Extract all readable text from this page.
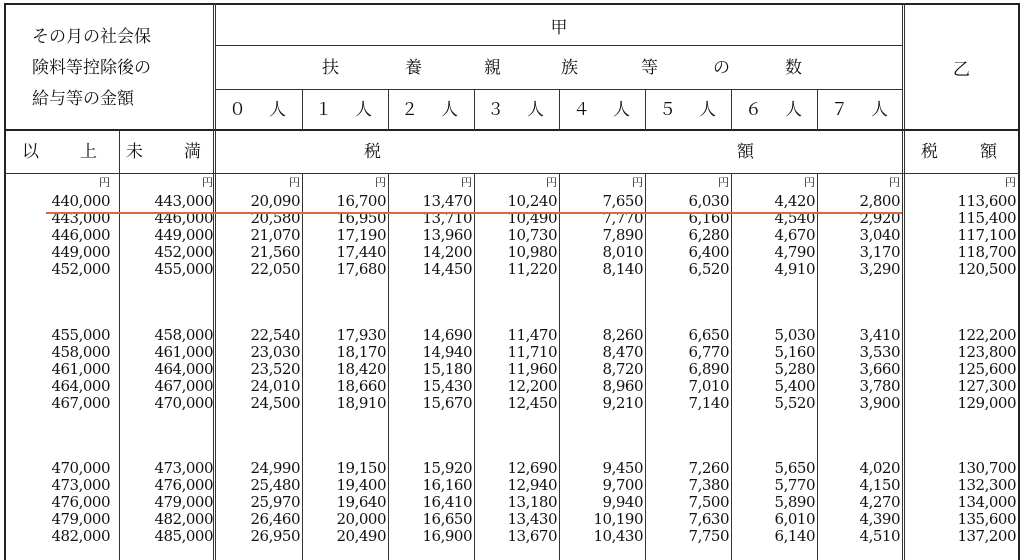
その月の社会保
険料等控除後の
給与等の金額
甲
乙
扶	養	親	族	等	の	数
０ 人 １ 人 ２ 人 ３ 人 ４ 人 ５ 人 ６ 人 ７ 人
以 上 未 満	税	額	税 額
円	円	円	円	円	円	円	円	円	円	円
440,000	443,000	20,090	16,700	13,470	10,240	7,650	6,030	4,420	2,800	113,600
443,000	446,000	20,580	16,950	13,710	10,490	7,770	6,160	4,540	2,920	115,400
446,000	449,000	21,070	17,190	13,960	10,730	7,890	6,280	4,670	3,040	117,100
449,000	452,000	21,560	17,440	14,200	10,980	8,010	6,400	4,790	3,170	118,700
452,000	455,000	22,050	17,680	14,450	11,220	8,140	6,520	4,910	3,290	120,500
455,000	458,000	22,540	17,930	14,690	11,470	8,260	6,650	5,030	3,410	122,200
458,000	461,000	23,030	18,170	14,940	11,710	8,470	6,770	5,160	3,530	123,800
461,000	464,000	23,520	18,420	15,180	11,960	8,720	6,890	5,280	3,660	125,600
464,000	467,000	24,010	18,660	15,430	12,200	8,960	7,010	5,400	3,780	127,300
467,000	470,000	24,500	18,910	15,670	12,450	9,210	7,140	5,520	3,900	129,000
470,000	473,000	24,990	19,150	15,920	12,690	9,450	7,260	5,650	4,020	130,700
473,000	476,000	25,480	19,400	16,160	12,940	9,700	7,380	5,770	4,150	132,300
476,000	479,000	25,970	19,640	16,410	13,180	9,940	7,500	5,890	4,270	134,000
479,000	482,000	26,460	20,000	16,650	13,430	10,190	7,630	6,010	4,390	135,600
482,000	485,000	26,950	20,490	16,900	13,670	10,430	7,750	6,140	4,510	137,200
